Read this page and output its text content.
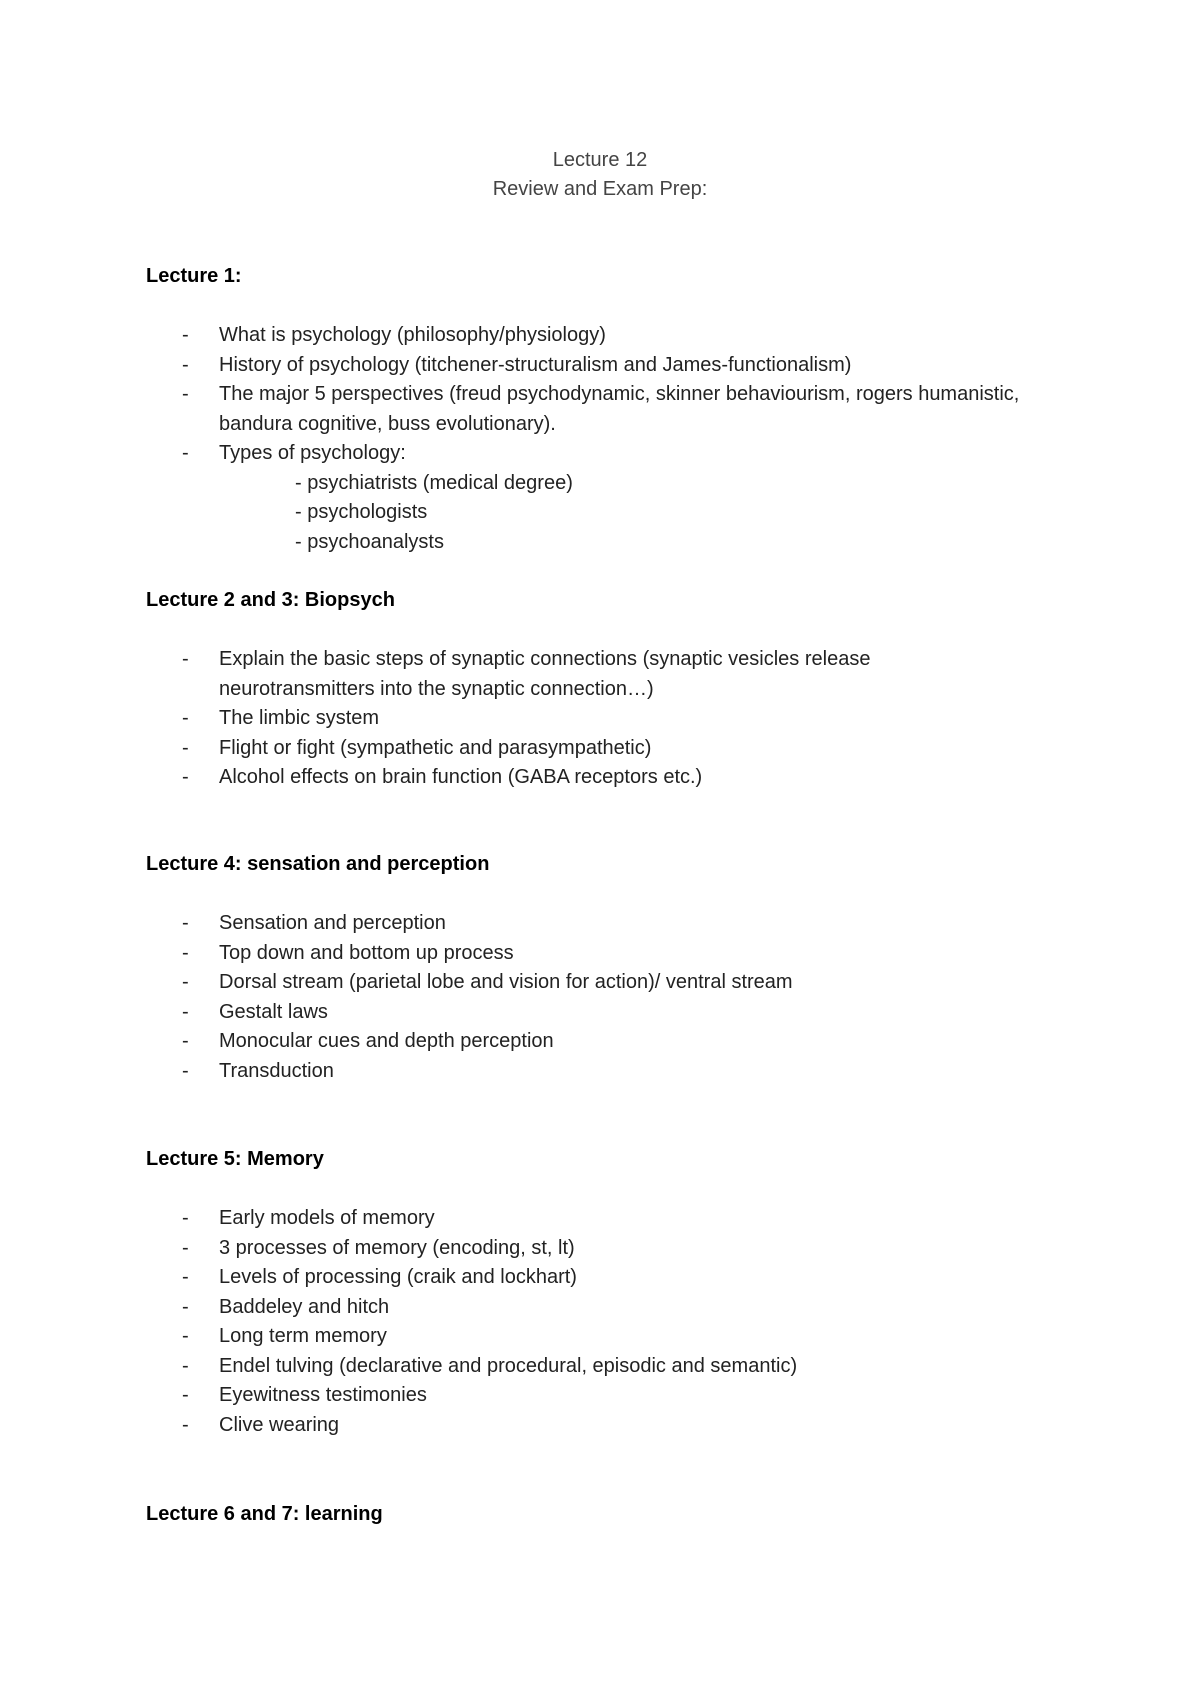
Lecture 12
Review and Exam Prep:
Lecture 1:
- What is psychology (philosophy/physiology)
- History of psychology (titchener-structuralism and James-functionalism)
- The major 5 perspectives (freud psychodynamic, skinner behaviourism, rogers humanistic, bandura cognitive, buss evolutionary).
- Types of psychology:
- psychiatrists (medical degree)
- psychologists
- psychoanalysts
Lecture 2 and 3: Biopsych
- Explain the basic steps of synaptic connections (synaptic vesicles release neurotransmitters into the synaptic connection…)
- The limbic system
- Flight or fight (sympathetic and parasympathetic)
- Alcohol effects on brain function (GABA receptors etc.)
Lecture 4: sensation and perception
- Sensation and perception
- Top down and bottom up process
- Dorsal stream (parietal lobe and vision for action)/ ventral stream
- Gestalt laws
- Monocular cues and depth perception
- Transduction
Lecture 5: Memory
- Early models of memory
- 3 processes of memory (encoding, st, lt)
- Levels of processing (craik and lockhart)
- Baddeley and hitch
- Long term memory
- Endel tulving (declarative and procedural, episodic and semantic)
- Eyewitness testimonies
- Clive wearing
Lecture 6 and 7: learning
